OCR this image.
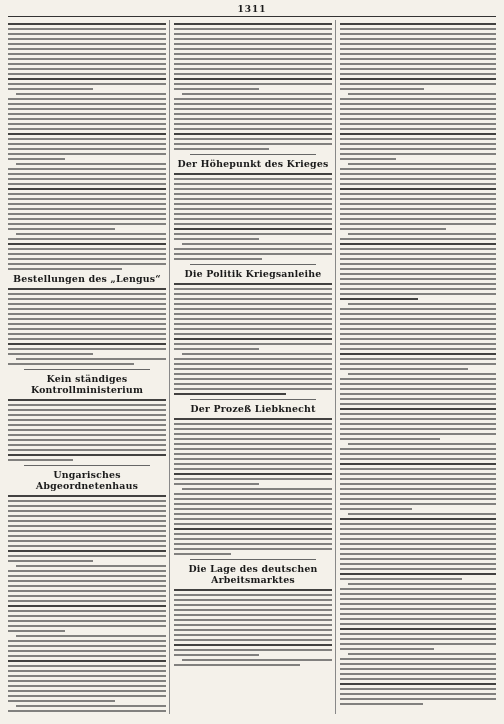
1311
Bestellungen des „Lengus“
Kein ständiges Kontrollministerium
Ungarisches Abgeordnetenhaus
Der Höhepunkt des Krieges
Die Politik Kriegsanleihe
Der Prozeß Liebknecht
Die Lage des deutschen Arbeitsmarktes
